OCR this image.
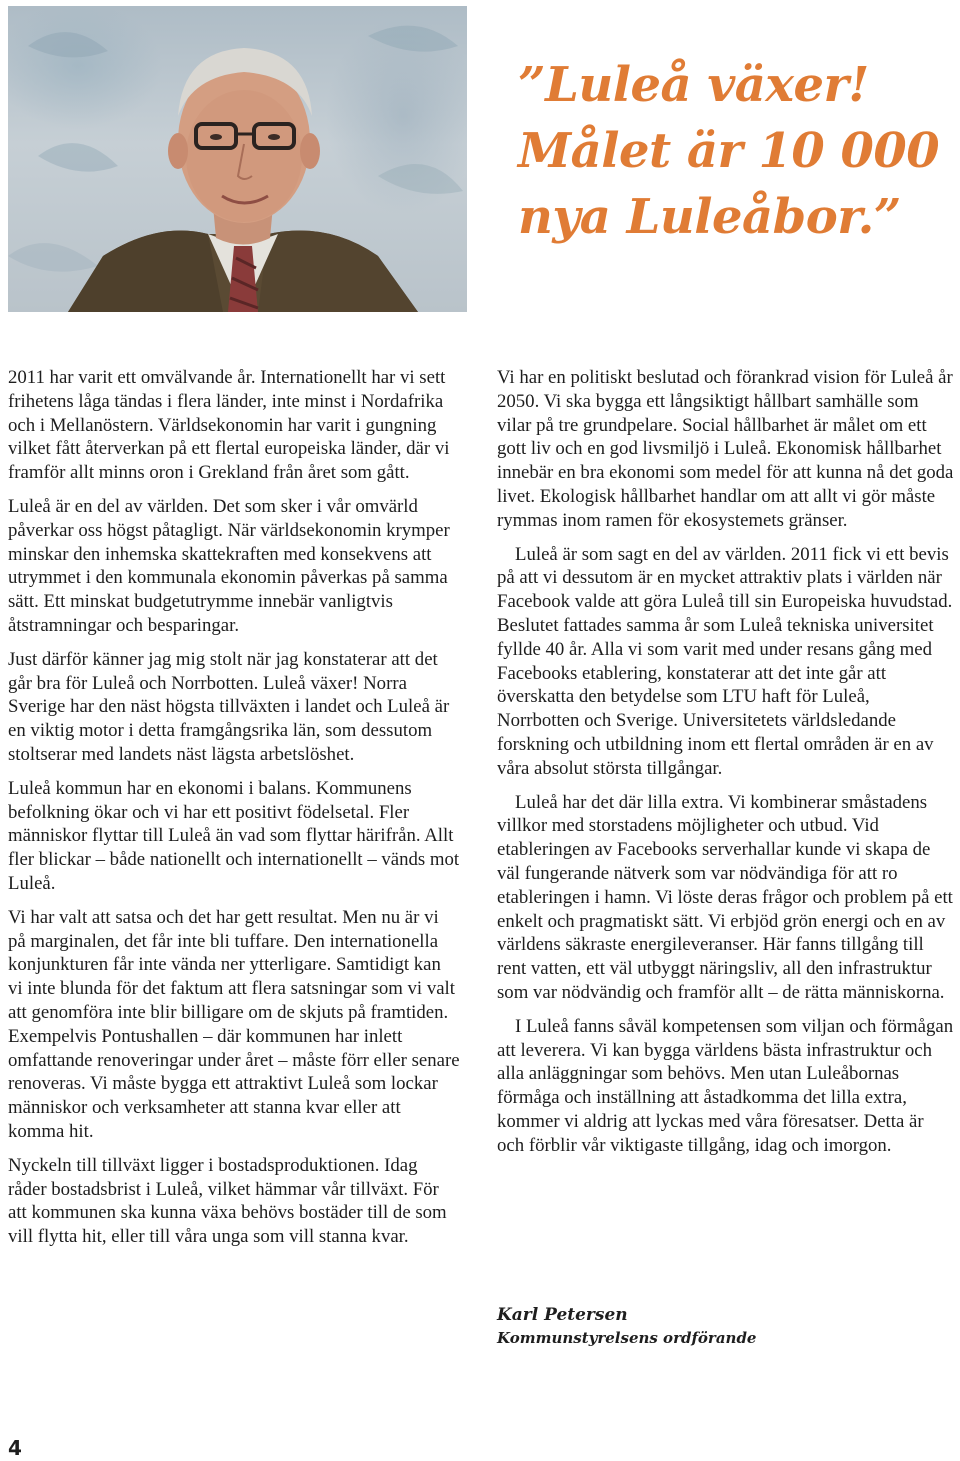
”Luleå växer!
Målet är 10 000
nya Luleåbor.”

2011 har varit ett omvälvande år. Internationellt har vi sett frihetens låga tändas i flera länder, inte minst i Nordafrika och i Mellanöstern. Världsekonomin har varit i gungning vilket fått återverkan på ett flertal europeiska länder, där vi framför allt minns oron i Grekland från året som gått.

Luleå är en del av världen. Det som sker i vår omvärld påverkar oss högst påtagligt. När världsekonomin krymper minskar den inhemska skattekraften med konsekvens att utrymmet i den kommunala ekonomin påverkas på samma sätt. Ett minskat budgetutrymme innebär vanligtvis åtstramningar och besparingar.

Just därför känner jag mig stolt när jag konstaterar att det går bra för Luleå och Norrbotten. Luleå växer! Norra Sverige har den näst högsta tillväxten i landet och Luleå är en viktig motor i detta framgångsrika län, som dessutom stoltserar med landets näst lägsta arbetslöshet.

Luleå kommun har en ekonomi i balans. Kommunens befolkning ökar och vi har ett positivt födelsetal. Fler människor flyttar till Luleå än vad som flyttar härifrån. Allt fler blickar – både nationellt och internationellt – vänds mot Luleå.

Vi har valt att satsa och det har gett resultat. Men nu är vi på marginalen, det får inte bli tuffare. Den internationella konjunkturen får inte vända ner ytterligare. Samtidigt kan vi inte blunda för det faktum att flera satsningar som vi valt att genomföra inte blir billigare om de skjuts på framtiden. Exempelvis Pontushallen – där kommunen har inlett omfattande renoveringar under året – måste förr eller senare renoveras. Vi måste bygga ett attraktivt Luleå som lockar människor och verksamheter att stanna kvar eller att komma hit.

Nyckeln till tillväxt ligger i bostadsproduktionen. Idag råder bostadsbrist i Luleå, vilket hämmar vår tillväxt. För att kommunen ska kunna växa behövs bostäder till de som vill flytta hit, eller till våra unga som vill stanna kvar.

Vi har en politiskt beslutad och förankrad vision för Luleå år 2050. Vi ska bygga ett långsiktigt hållbart samhälle som vilar på tre grundpelare. Social hållbarhet är målet om ett gott liv och en god livsmiljö i Luleå. Ekonomisk hållbarhet innebär en bra ekonomi som medel för att kunna nå det goda livet. Ekologisk hållbarhet handlar om att allt vi gör måste rymmas inom ramen för ekosystemets gränser.

Luleå är som sagt en del av världen. 2011 fick vi ett bevis på att vi dessutom är en mycket attraktiv plats i världen när Facebook valde att göra Luleå till sin Europeiska huvudstad. Beslutet fattades samma år som Luleå tekniska universitet fyllde 40 år. Alla vi som varit med under resans gång med Facebooks etablering, konstaterar att det inte går att överskatta den betydelse som LTU haft för Luleå, Norrbotten och Sverige. Universitetets världsledande forskning och utbildning inom ett flertal områden är en av våra absolut största tillgångar.

Luleå har det där lilla extra. Vi kombinerar småstadens villkor med storstadens möjligheter och utbud. Vid etableringen av Facebooks serverhallar kunde vi skapa de väl fungerande nätverk som var nödvändiga för att ro etableringen i hamn. Vi löste deras frågor och problem på ett enkelt och pragmatiskt sätt. Vi erbjöd grön energi och en av världens säkraste energileveranser. Här fanns tillgång till rent vatten, ett väl utbyggt näringsliv, all den infrastruktur som var nödvändig och framför allt – de rätta människorna.

I Luleå fanns såväl kompetensen som viljan och förmågan att leverera. Vi kan bygga världens bästa infrastruktur och alla anläggningar som behövs. Men utan Luleåbornas förmåga och inställning att åstadkomma det lilla extra, kommer vi aldrig att lyckas med våra föresatser. Detta är och förblir vår viktigaste tillgång, idag och imorgon.

Karl Petersen
Kommunstyrelsens ordförande
4
